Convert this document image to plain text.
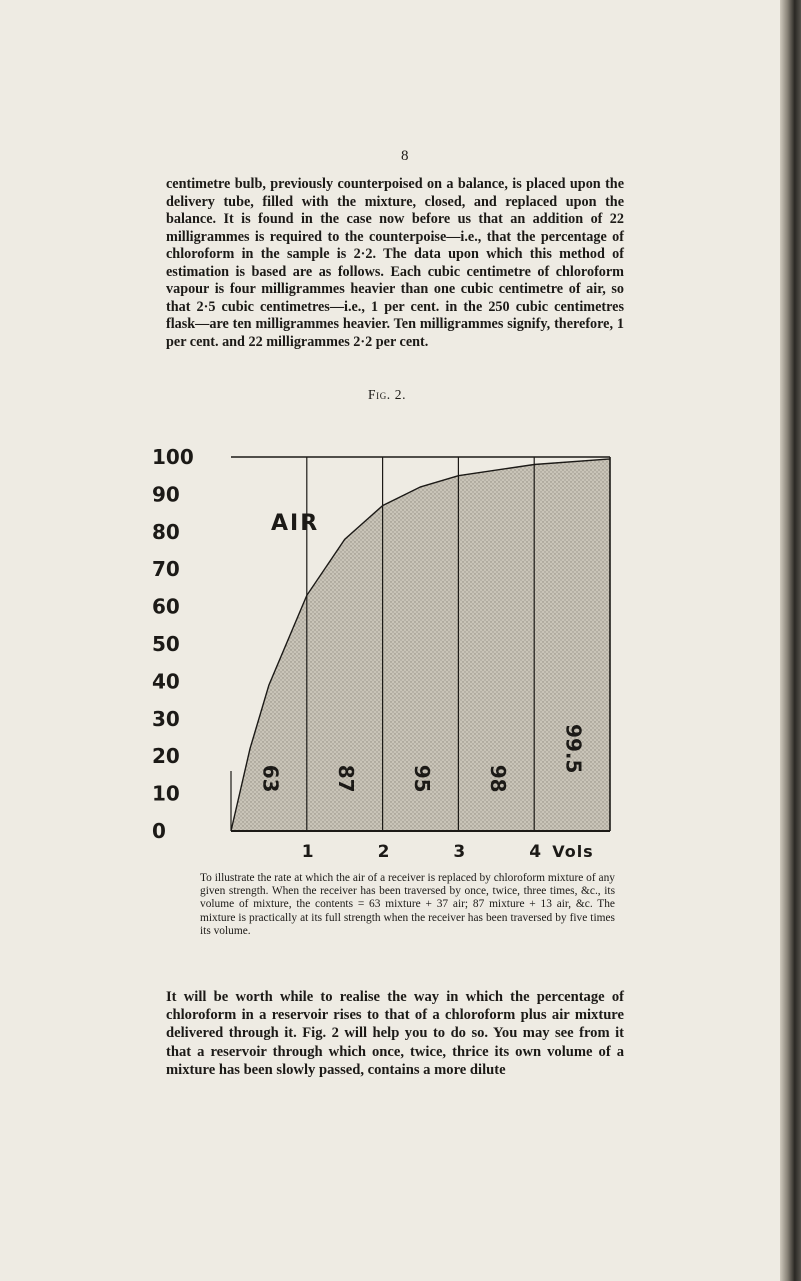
8

centimetre bulb, previously counterpoised on a balance, is placed upon the delivery tube, filled with the mixture, closed, and replaced upon the balance. It is found in the case now before us that an addition of 22 milligrammes is required to the counterpoise—i.e., that the percentage of chloroform in the sample is 2·2. The data upon which this method of estimation is based are as follows. Each cubic centimetre of chloroform vapour is four milligrammes heavier than one cubic centimetre of air, so that 2·5 cubic centimetres—i.e., 1 per cent. in the 250 cubic centimetres flask—are ten milligrammes heavier. Ten milligrammes signify, therefore, 1 per cent. and 22 milligrammes 2·2 per cent.

Fig. 2.
0
10
20
30
40
50
60
70
80
90
100
1	2	3	4 Vols
63	87	95	98
99.5
AIR

To illustrate the rate at which the air of a receiver is replaced by chloroform mixture of any given strength. When the receiver has been traversed by once, twice, three times, &c., its volume of mixture, the contents = 63 mixture + 37 air; 87 mixture + 13 air, &c. The mixture is practically at its full strength when the receiver has been traversed by five times its volume.

It will be worth while to realise the way in which the percentage of chloroform in a reservoir rises to that of a chloroform plus air mixture delivered through it. Fig. 2 will help you to do so. You may see from it that a reservoir through which once, twice, thrice its own volume of a mixture has been slowly passed, contains a more dilute
